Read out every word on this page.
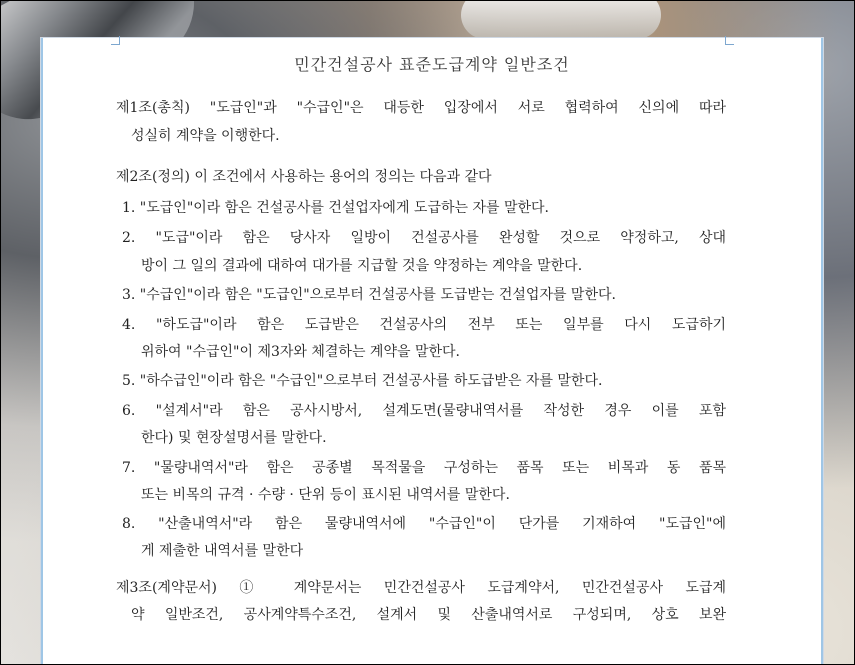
민간건설공사 표준도급계약 일반조건
제1조(총칙) "도급인"과 "수급인"은 대등한 입장에서 서로 협력하여 신의에 따라
성실히 계약을 이행한다.
제2조(정의) 이 조건에서 사용하는 용어의 정의는 다음과 같다
1. "도급인"이라 함은 건설공사를 건설업자에게 도급하는 자를 말한다.
2. "도급"이라 함은 당사자 일방이 건설공사를 완성할 것으로 약정하고, 상대
방이 그 일의 결과에 대하여 대가를 지급할 것을 약정하는 계약을 말한다.
3. "수급인"이라 함은 "도급인"으로부터 건설공사를 도급받는 건설업자를 말한다.
4. "하도급"이라 함은 도급받은 건설공사의 전부 또는 일부를 다시 도급하기
위하여 "수급인"이 제3자와 체결하는 계약을 말한다.
5. "하수급인"이라 함은 "수급인"으로부터 건설공사를 하도급받은 자를 말한다.
6. "설계서"라 함은 공사시방서, 설계도면(물량내역서를 작성한 경우 이를 포함
한다) 및 현장설명서를 말한다.
7. "물량내역서"라 함은 공종별 목적물을 구성하는 품목 또는 비목과 동 품목
또는 비목의 규격 · 수량 · 단위 등이 표시된 내역서를 말한다.
8. "산출내역서"라 함은 물량내역서에 "수급인"이 단가를 기재하여 "도급인"에
게 제출한 내역서를 말한다
제3조(계약문서) ① 계약문서는 민간건설공사 도급계약서, 민간건설공사 도급계
약 일반조건, 공사계약특수조건, 설계서 및 산출내역서로 구성되며, 상호 보완
